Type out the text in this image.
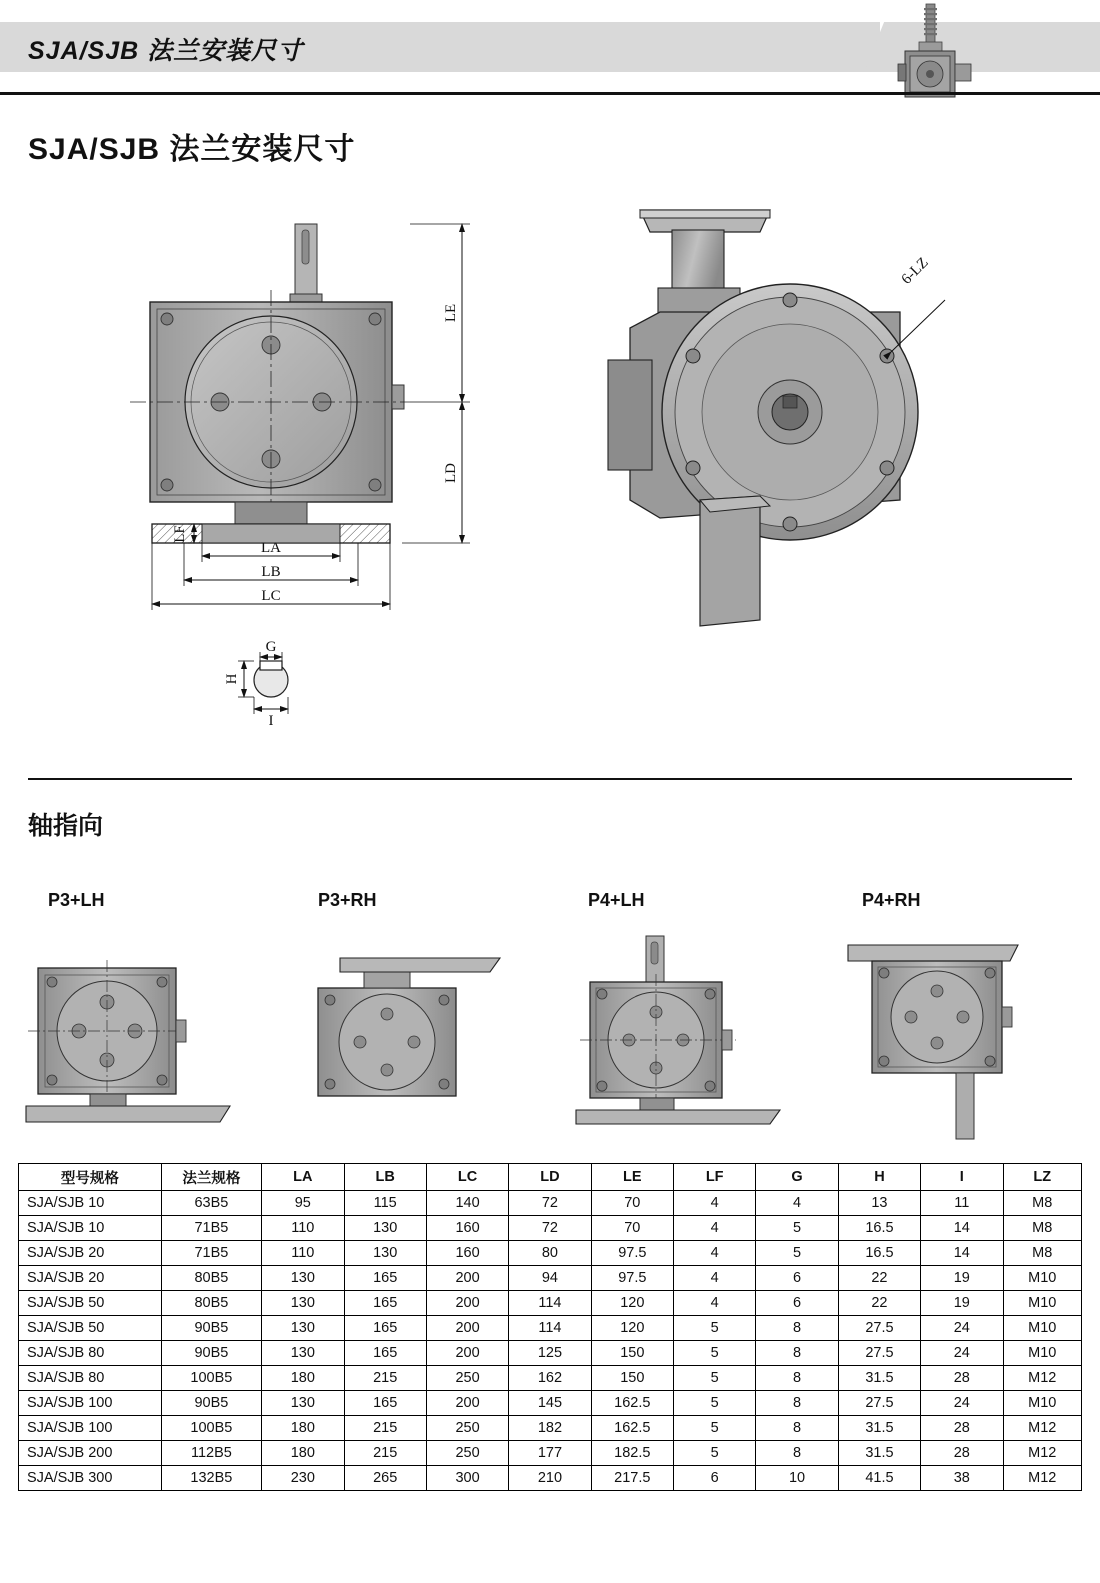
SJA/SJB 法兰安装尺寸
SJA/SJB 法兰安装尺寸
LE
LD
LF
LA
LB
LC
G
H
I
6-LZ
轴指向
P3+LH	P3+RH	P4+LH	P4+RH
型号规格	法兰规格	LA	LB	LC	LD	LE	LF	G	H	I	LZ
SJA/SJB 10	63B5	95	115	140	72	70	4	4	13	11	M8
SJA/SJB 10	71B5	110	130	160	72	70	4	5	16.5	14	M8
SJA/SJB 20	71B5	110	130	160	80	97.5	4	5	16.5	14	M8
SJA/SJB 20	80B5	130	165	200	94	97.5	4	6	22	19	M10
SJA/SJB 50	80B5	130	165	200	114	120	4	6	22	19	M10
SJA/SJB 50	90B5	130	165	200	114	120	5	8	27.5	24	M10
SJA/SJB 80	90B5	130	165	200	125	150	5	8	27.5	24	M10
SJA/SJB 80	100B5	180	215	250	162	150	5	8	31.5	28	M12
SJA/SJB 100	90B5	130	165	200	145	162.5	5	8	27.5	24	M10
SJA/SJB 100	100B5	180	215	250	182	162.5	5	8	31.5	28	M12
SJA/SJB 200	112B5	180	215	250	177	182.5	5	8	31.5	28	M12
SJA/SJB 300	132B5	230	265	300	210	217.5	6	10	41.5	38	M12
